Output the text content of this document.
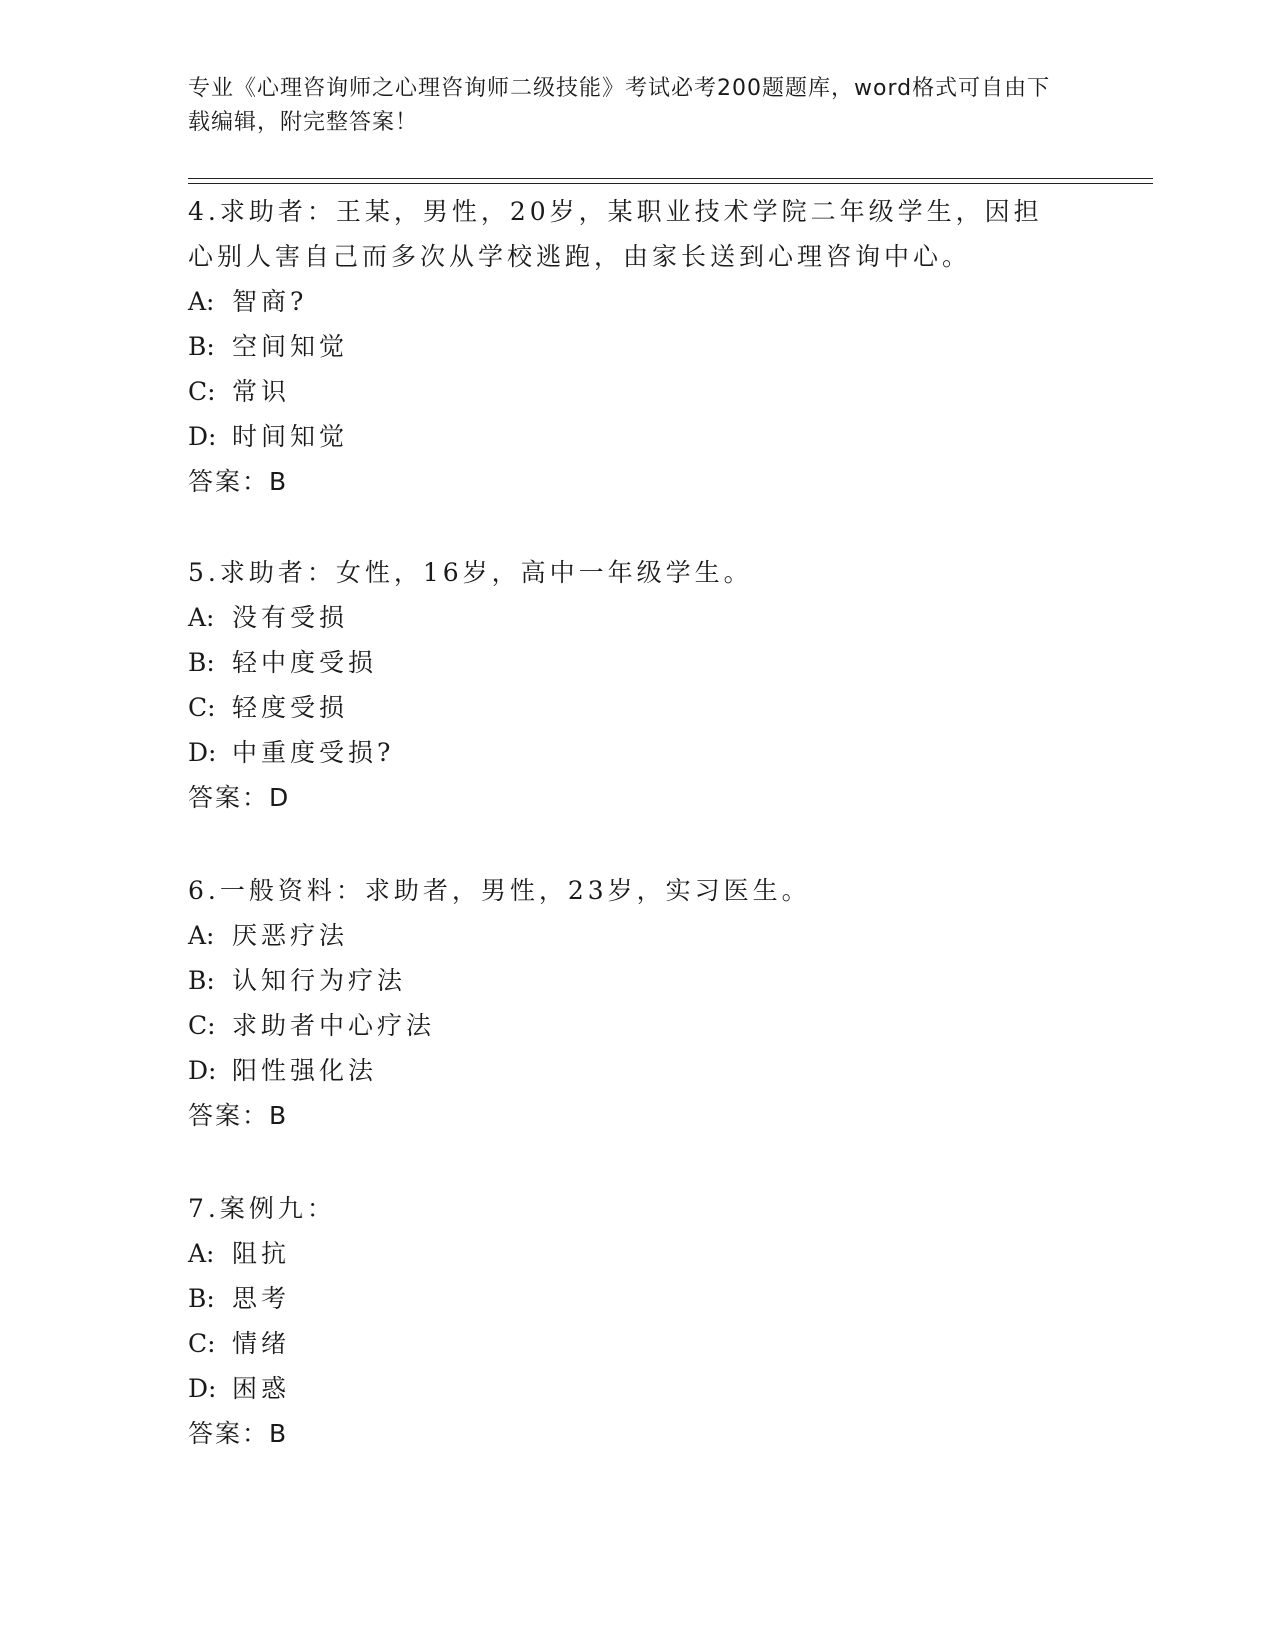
专业《心理咨询师之心理咨询师二级技能》考试必考200题题库，word格式可自由下载编辑，附完整答案！
4.求助者：王某，男性，20岁，某职业技术学院二年级学生，因担心别人害自己而多次从学校逃跑，由家长送到心理咨询中心。
A: 智商?
B: 空间知觉
C: 常识
D: 时间知觉
答案：B
5.求助者：女性，16岁，高中一年级学生。
A: 没有受损
B: 轻中度受损
C: 轻度受损
D: 中重度受损?
答案：D
6.一般资料：求助者，男性，23岁，实习医生。
A: 厌恶疗法
B: 认知行为疗法
C: 求助者中心疗法
D: 阳性强化法
答案：B
7.案例九：
A: 阻抗
B: 思考
C: 情绪
D: 困惑
答案：B
